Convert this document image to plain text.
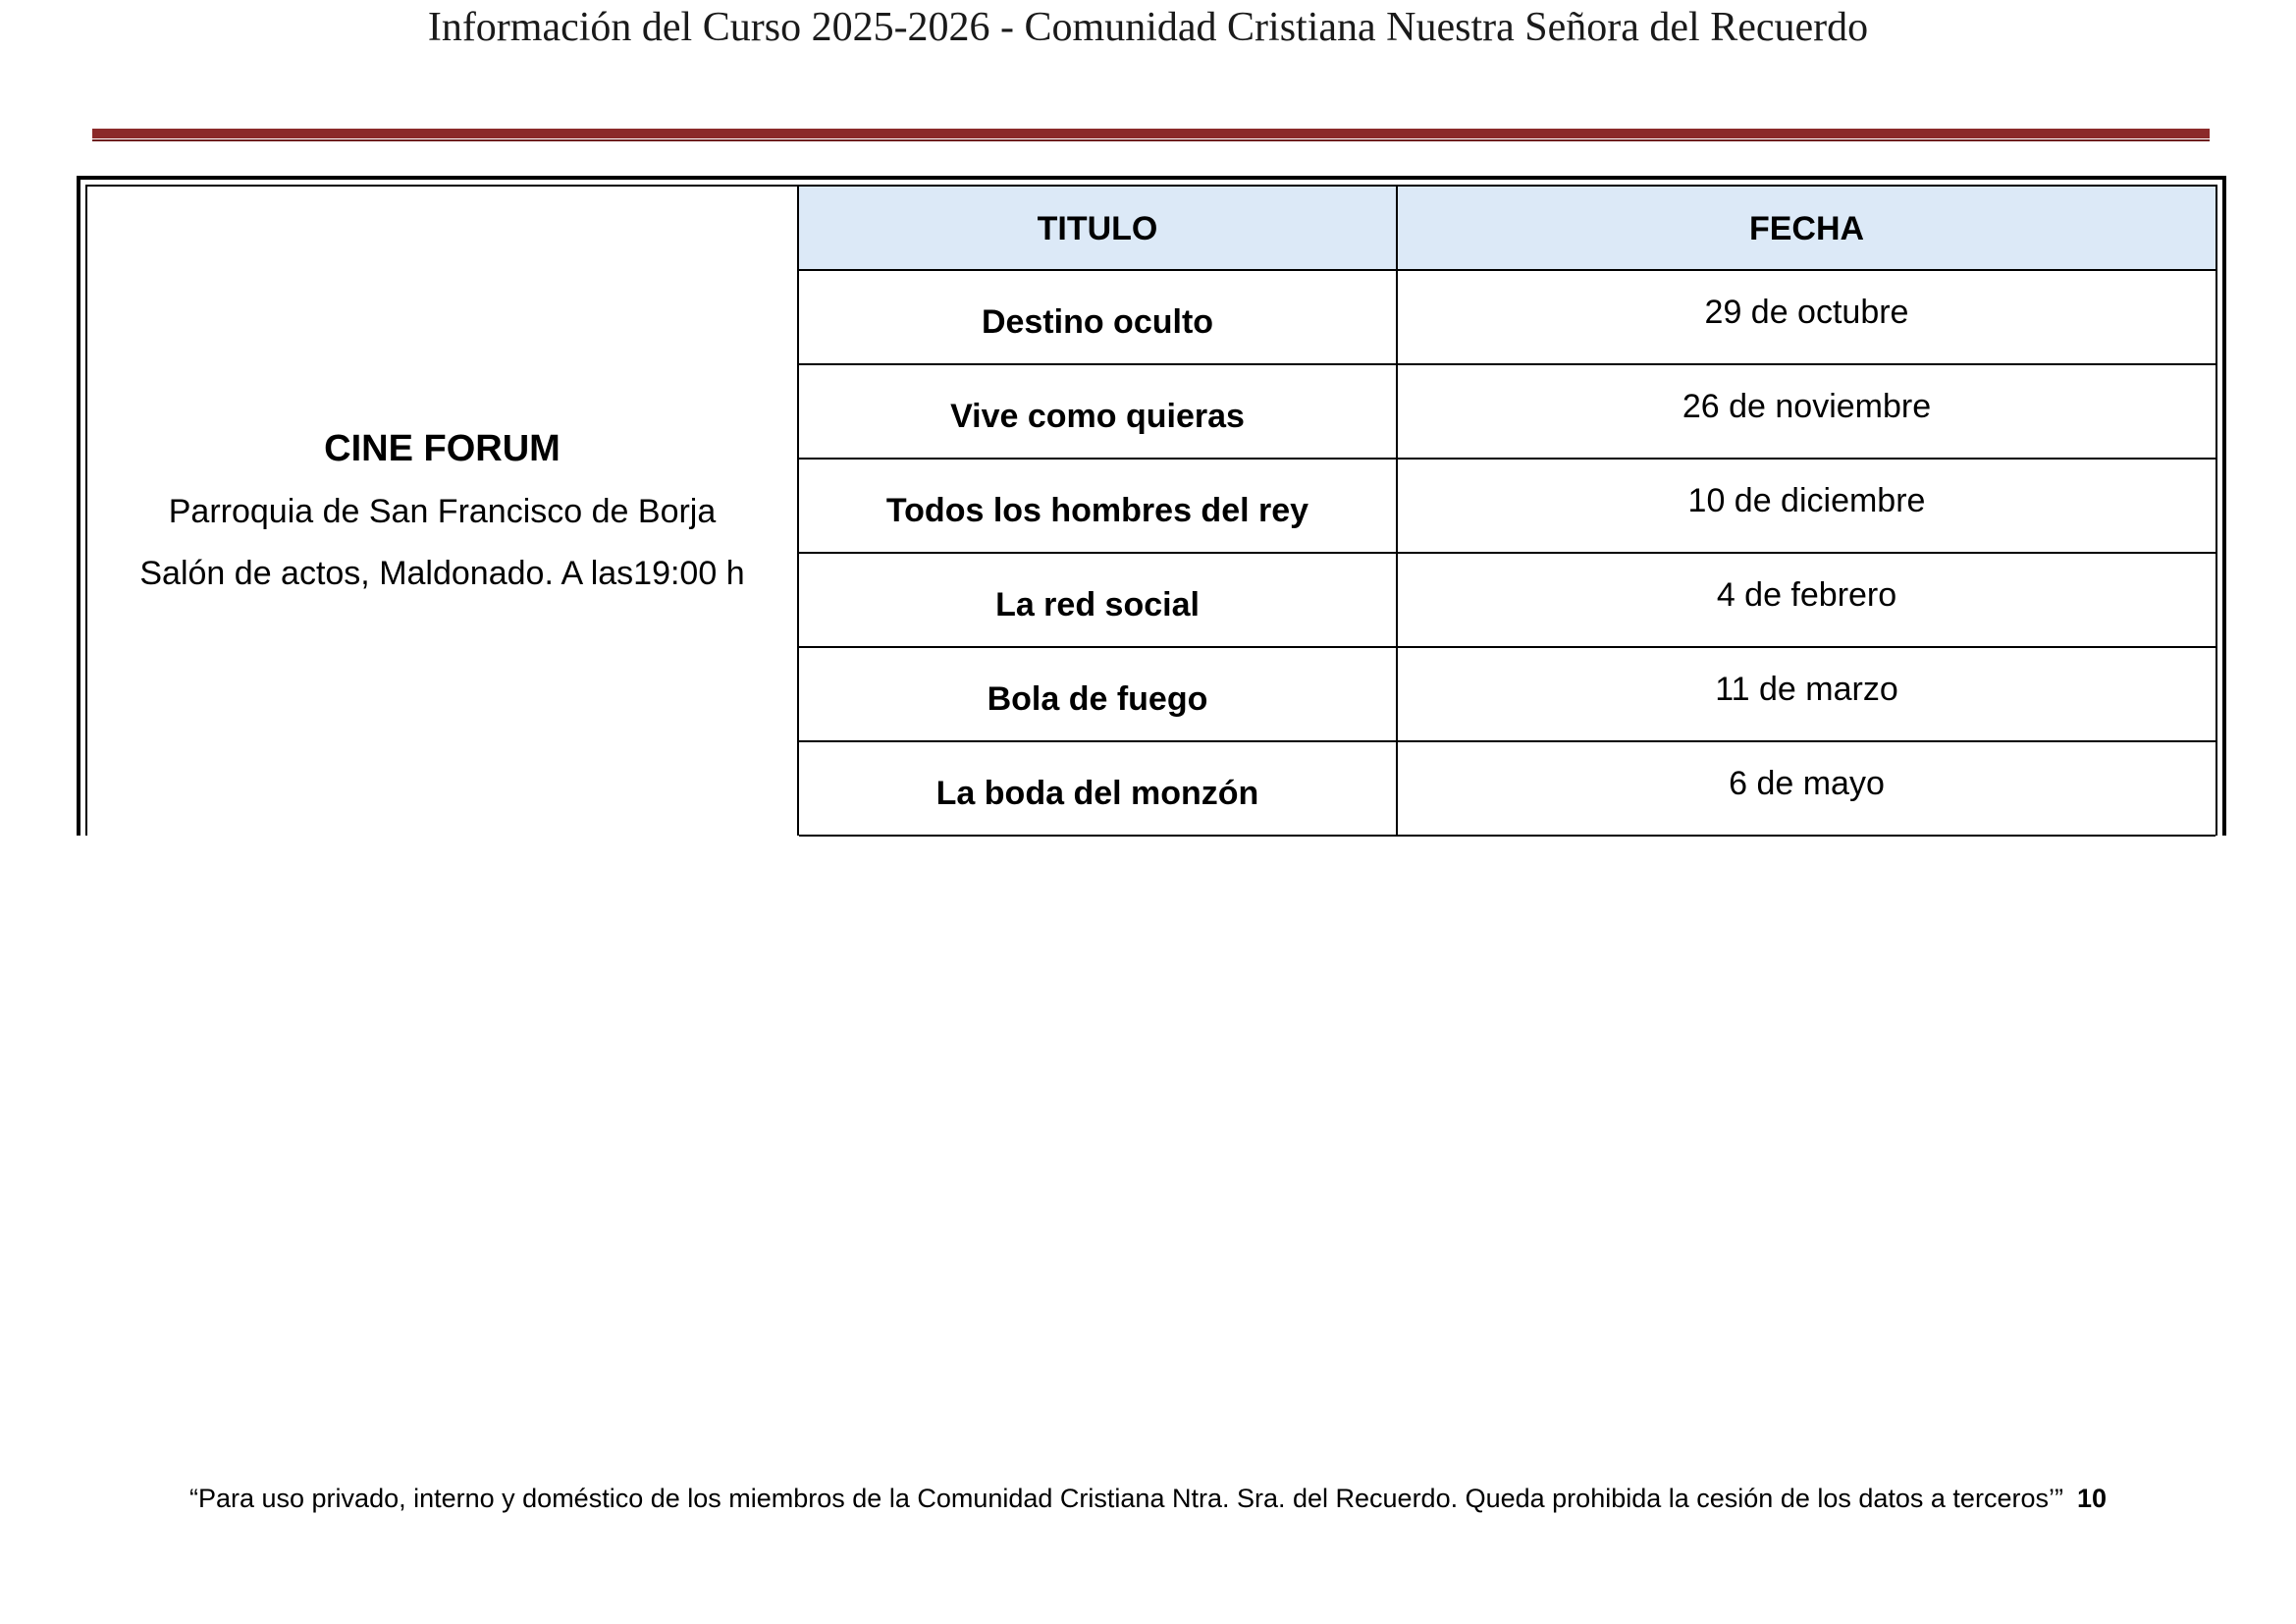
Información del Curso 2025-2026 - Comunidad Cristiana Nuestra Señora del Recuerdo
CINE FORUM
Parroquia de San Francisco de Borja
Salón de actos, Maldonado. A las19:00 h
TITULO	FECHA
Destino oculto	29 de octubre
Vive como quieras	26 de noviembre
Todos los hombres del rey	10 de diciembre
La red social	4 de febrero
Bola de fuego	11 de marzo
La boda del monzón	6 de mayo
“Para uso privado, interno y doméstico de los miembros de la Comunidad Cristiana Ntra. Sra. del Recuerdo. Queda prohibida la cesión de los datos a terceros’” 10
